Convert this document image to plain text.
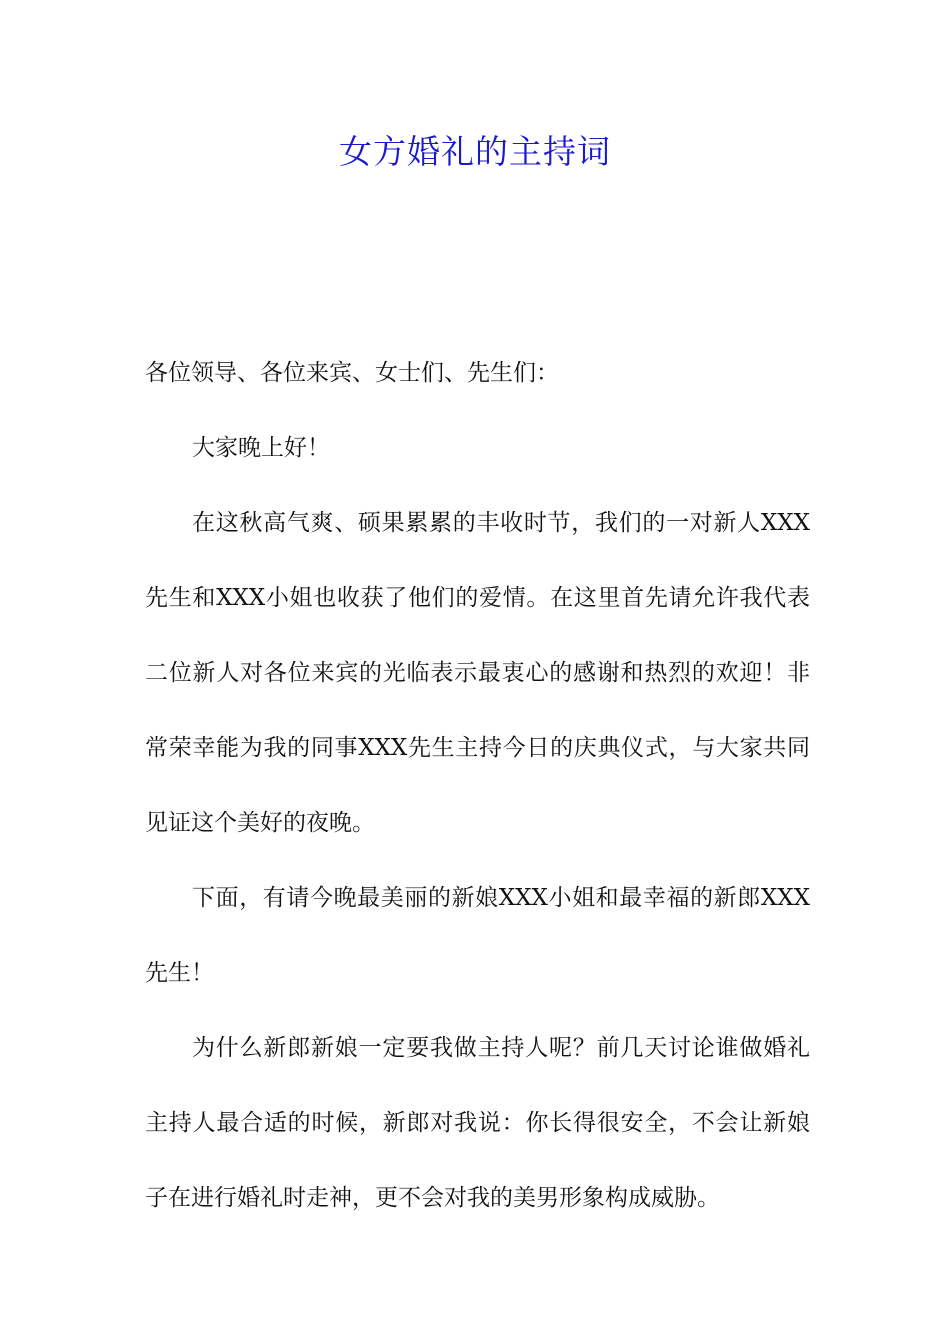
女方婚礼的主持词

各位领导、各位来宾、女士们、先生们：

大家晚上好！

在这秋高气爽、硕果累累的丰收时节，我们的一对新人XXX先生和XXX小姐也收获了他们的爱情。在这里首先请允许我代表二位新人对各位来宾的光临表示最衷心的感谢和热烈的欢迎！非常荣幸能为我的同事XXX先生主持今日的庆典仪式，与大家共同见证这个美好的夜晚。

下面，有请今晚最美丽的新娘XXX小姐和最幸福的新郎XXX先生！

为什么新郎新娘一定要我做主持人呢？前几天讨论谁做婚礼主持人最合适的时候，新郎对我说：你长得很安全，不会让新娘子在进行婚礼时走神，更不会对我的美男形象构成威胁。
